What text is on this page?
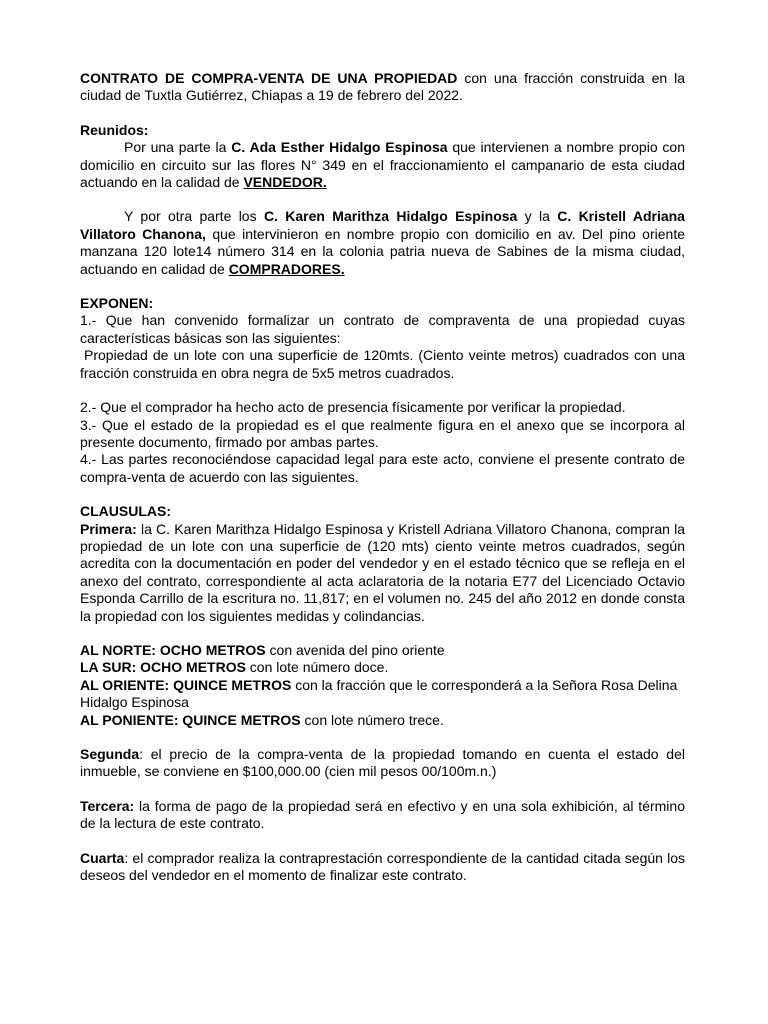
CONTRATO DE COMPRA-VENTA DE UNA PROPIEDAD con una fracción construida en la ciudad de Tuxtla Gutiérrez, Chiapas a 19 de febrero del 2022.

Reunidos:

Por una parte la C. Ada Esther Hidalgo Espinosa que intervienen a nombre propio con domicilio en circuito sur las flores N° 349 en el fraccionamiento el campanario de esta ciudad actuando en la calidad de VENDEDOR.

Y por otra parte los C. Karen Marithza Hidalgo Espinosa y la C. Kristell Adriana Villatoro Chanona, que intervinieron en nombre propio con domicilio en av. Del pino oriente manzana 120 lote14 número 314 en la colonia patria nueva de Sabines de la misma ciudad, actuando en calidad de COMPRADORES.

EXPONEN:

1.- Que han convenido formalizar un contrato de compraventa de una propiedad cuyas características básicas son las siguientes:

Propiedad de un lote con una superficie de 120mts. (Ciento veinte metros) cuadrados con una fracción construida en obra negra de 5x5 metros cuadrados.

2.- Que el comprador ha hecho acto de presencia físicamente por verificar la propiedad.

3.- Que el estado de la propiedad es el que realmente figura en el anexo que se incorpora al presente documento, firmado por ambas partes.

4.- Las partes reconociéndose capacidad legal para este acto, conviene el presente contrato de compra-venta de acuerdo con las siguientes.

CLAUSULAS:

Primera: la C. Karen Marithza Hidalgo Espinosa y Kristell Adriana Villatoro Chanona, compran la propiedad de un lote con una superficie de (120 mts) ciento veinte metros cuadrados, según acredita con la documentación en poder del vendedor y en el estado técnico que se refleja en el anexo del contrato, correspondiente al acta aclaratoria de la notaria E77 del Licenciado Octavio Esponda Carrillo de la escritura no. 11,817; en el volumen no. 245 del año 2012 en donde consta la propiedad con los siguientes medidas y colindancias.

AL NORTE: OCHO METROS con avenida del pino oriente

LA SUR: OCHO METROS con lote número doce.

AL ORIENTE: QUINCE METROS con la fracción que le corresponderá a la Señora Rosa Delina Hidalgo Espinosa

AL PONIENTE: QUINCE METROS con lote número trece.

Segunda: el precio de la compra-venta de la propiedad tomando en cuenta el estado del inmueble, se conviene en $100,000.00 (cien mil pesos 00/100m.n.)

Tercera: la forma de pago de la propiedad será en efectivo y en una sola exhibición, al término de la lectura de este contrato.

Cuarta: el comprador realiza la contraprestación correspondiente de la cantidad citada según los deseos del vendedor en el momento de finalizar este contrato.
